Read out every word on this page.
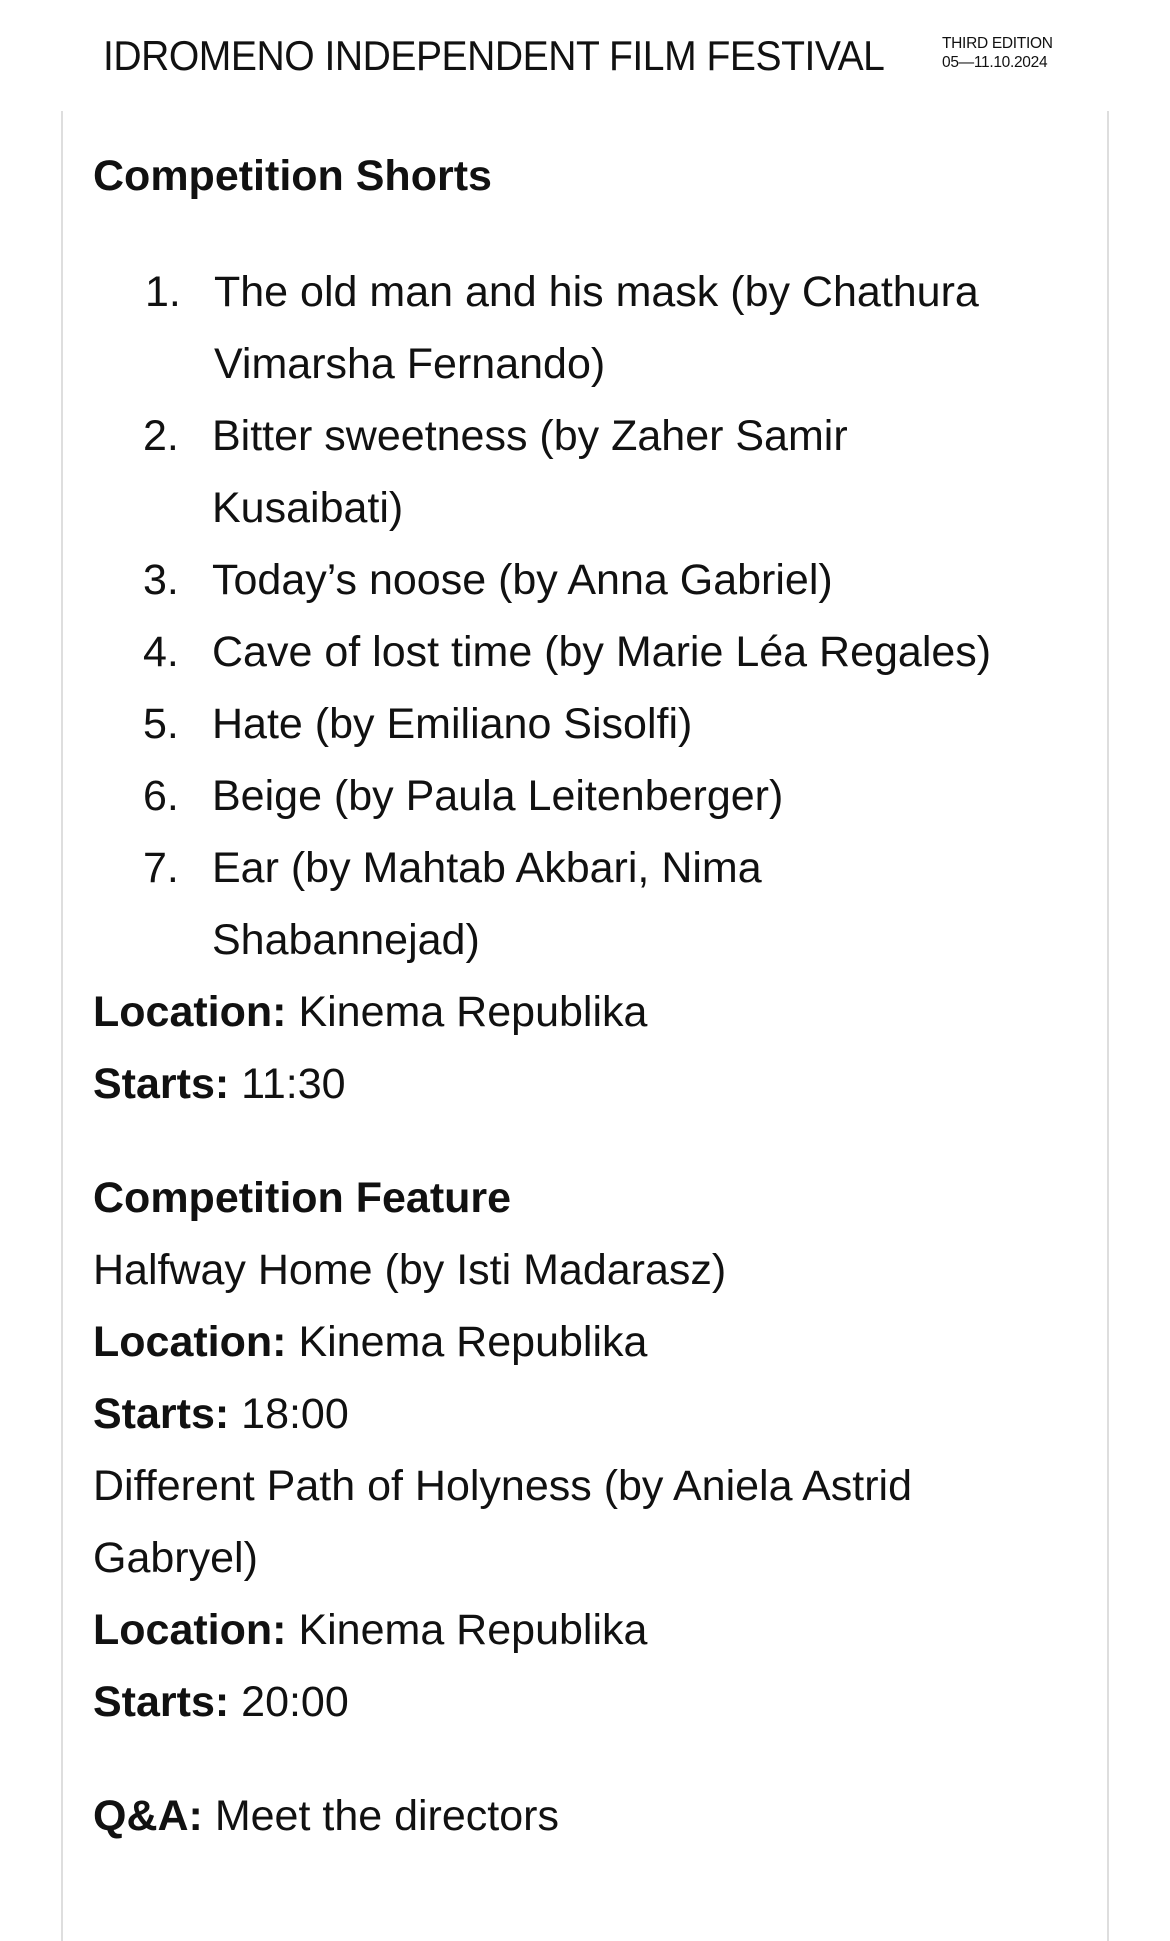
IDROMENO INDEPENDENT FILM FESTIVAL	THIRD EDITION
05—11.10.2024
Competition Shorts
1. The old man and his mask (by Chathura
Vimarsha Fernando)
2. Bitter sweetness (by Zaher Samir
Kusaibati)
3. Today’s noose (by Anna Gabriel)
4. Cave of lost time (by Marie Léa Regales)
5. Hate (by Emiliano Sisolfi)
6. Beige (by Paula Leitenberger)
7. Ear (by Mahtab Akbari, Nima
Shabannejad)
Location: Kinema Republika
Starts: 11:30
Competition Feature
Halfway Home (by Isti Madarasz)
Location: Kinema Republika
Starts: 18:00
Different Path of Holyness (by Aniela Astrid
Gabryel)
Location: Kinema Republika
Starts: 20:00
Q&A: Meet the directors
